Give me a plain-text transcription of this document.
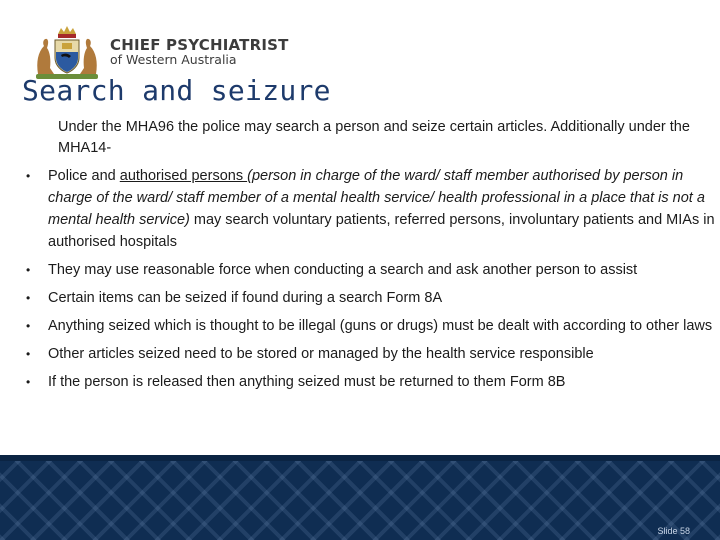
CHIEF PSYCHIATRIST
of Western Australia
Search and seizure

Under the MHA96 the police may search a person and seize certain articles. Additionally under the MHA14-

• Police and authorised persons (person in charge of the ward/ staff member authorised by person in charge of the ward/ staff member of a mental health service/ health professional in a place that is not a mental health service) may search voluntary patients, referred persons, involuntary patients and MIAs in authorised hospitals
• They may use reasonable force when conducting a search and ask another person to assist
• Certain items can be seized if found during a search Form 8A
• Anything seized which is thought to be illegal (guns or drugs) must be dealt with according to other laws
• Other articles seized need to be stored or managed by the health service responsible
• If the person is released then anything seized must be returned to them Form 8B
Slide 58
